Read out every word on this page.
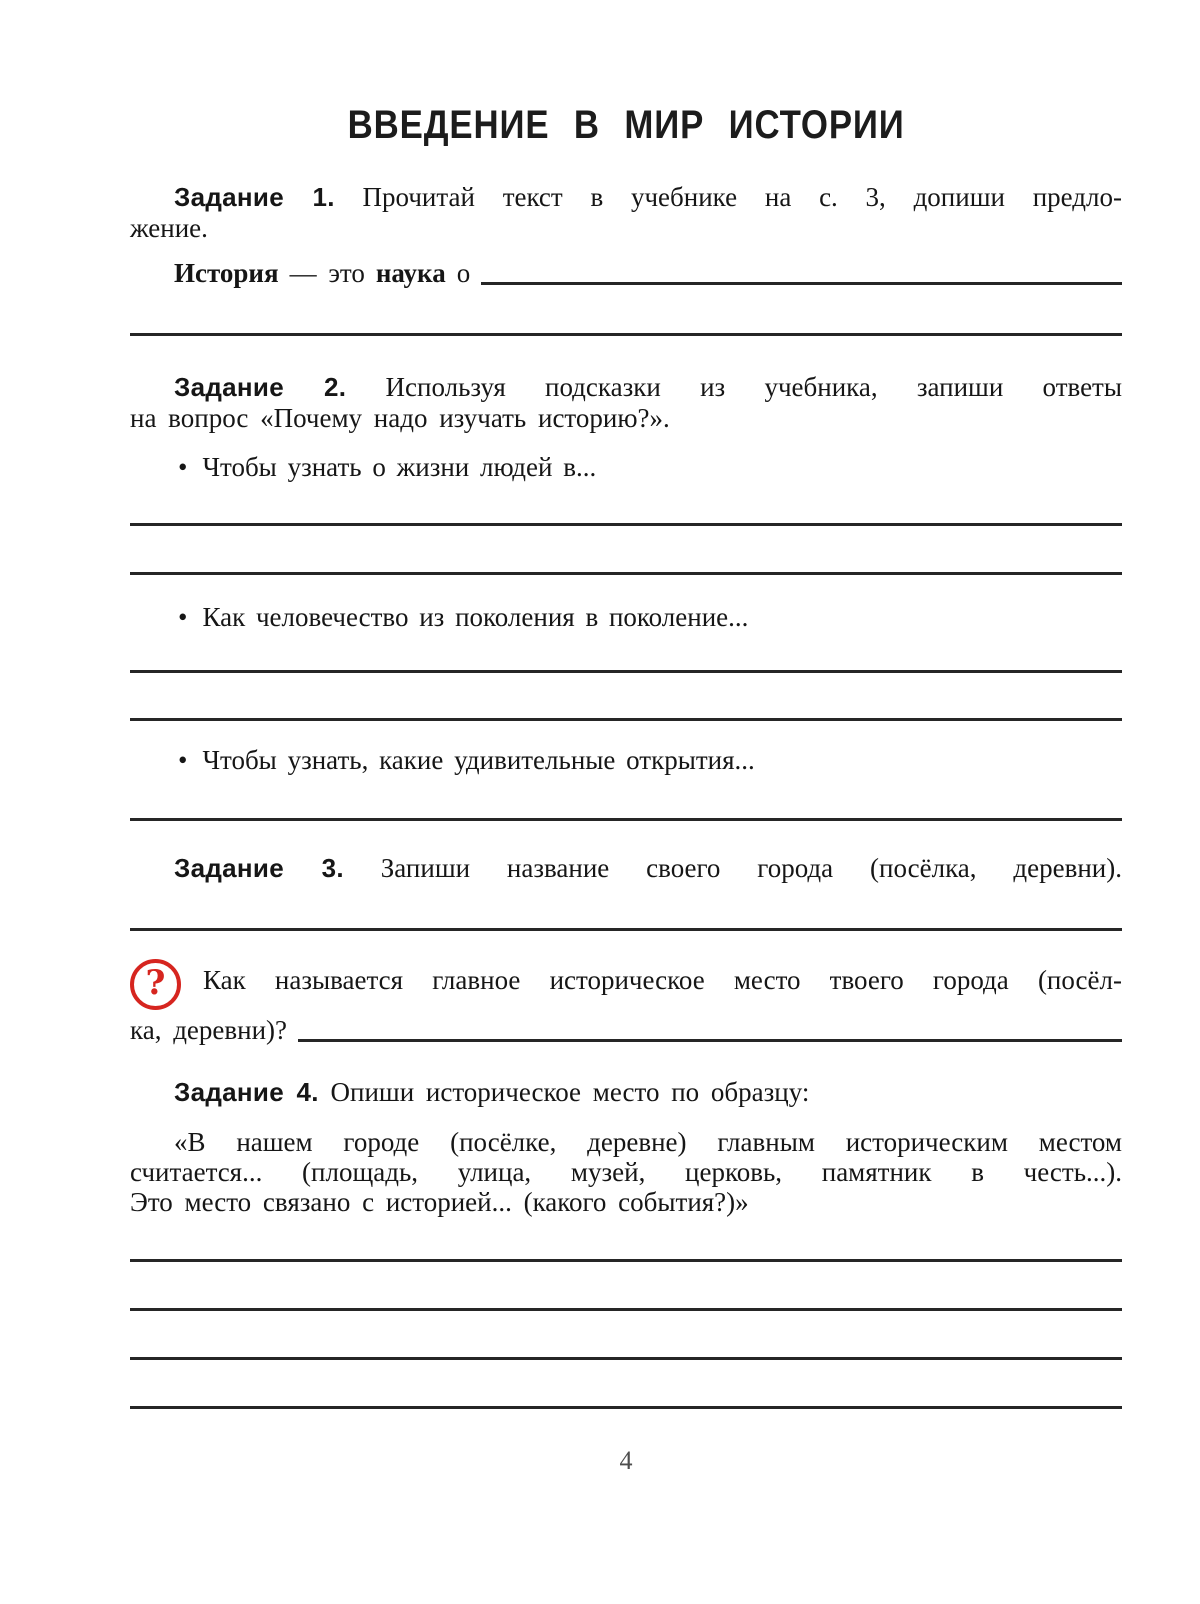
ВВЕДЕНИЕ В МИР ИСТОРИИ
Задание 1. Прочитай текст в учебнике на с. 3, допиши предло-
жение.
История — это наука о
Задание 2. Используя подсказки из учебника, запиши ответы
на вопрос «Почему надо изучать историю?».
• Чтобы узнать о жизни людей в...
• Как человечество из поколения в поколение...
• Чтобы узнать, какие удивительные открытия...
Задание 3. Запиши название своего города (посёлка, деревни).
? Как называется главное историческое место твоего города (посёл-
ка, деревни)?
Задание 4. Опиши историческое место по образцу:
«В нашем городе (посёлке, деревне) главным историческим местом
считается... (площадь, улица, музей, церковь, памятник в честь...).
Это место связано с историей... (какого события?)»
4
